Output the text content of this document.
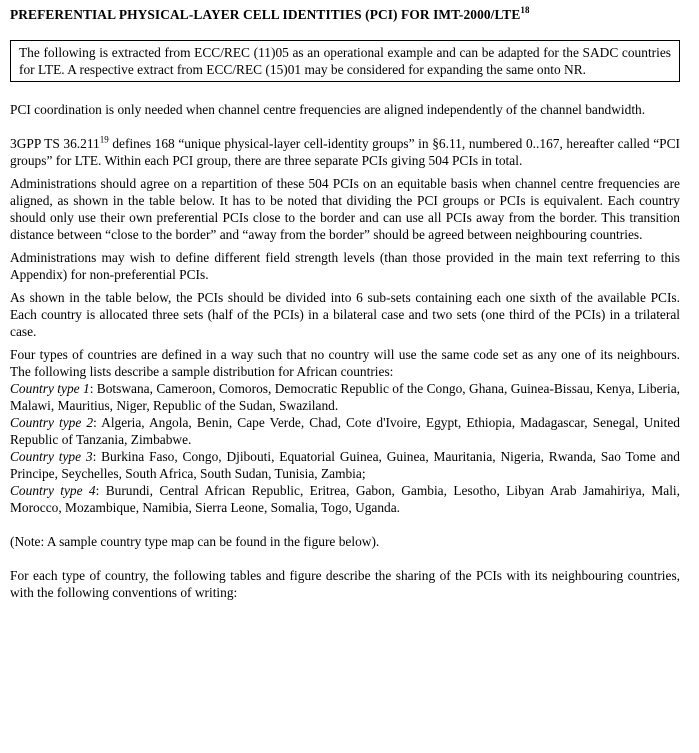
PREFERENTIAL PHYSICAL-LAYER CELL IDENTITIES (PCI) FOR IMT-2000/LTE$^{18}$

The following is extracted from ECC/REC (11)05 as an operational example and can be adapted for the SADC countries for LTE. A respective extract from ECC/REC (15)01 may be considered for expanding the same onto NR.

PCI coordination is only needed when channel centre frequencies are aligned independently of the channel bandwidth.

3GPP TS 36.211$^{19}$ defines 168 “unique physical-layer cell-identity groups” in §6.11, numbered 0..167, hereafter called “PCI groups” for LTE. Within each PCI group, there are three separate PCIs giving 504 PCIs in total.

Administrations should agree on a repartition of these 504 PCIs on an equitable basis when channel centre frequencies are aligned, as shown in the table below. It has to be noted that dividing the PCI groups or PCIs is equivalent. Each country should only use their own preferential PCIs close to the border and can use all PCIs away from the border. This transition distance between “close to the border” and “away from the border” should be agreed between neighbouring countries.

Administrations may wish to define different field strength levels (than those provided in the main text referring to this Appendix) for non-preferential PCIs.

As shown in the table below, the PCIs should be divided into 6 sub-sets containing each one sixth of the available PCIs. Each country is allocated three sets (half of the PCIs) in a bilateral case and two sets (one third of the PCIs) in a trilateral case.

Four types of countries are defined in a way such that no country will use the same code set as any one of its neighbours. The following lists describe a sample distribution for African countries:

Country type 1: Botswana, Cameroon, Comoros, Democratic Republic of the Congo, Ghana, Guinea-Bissau, Kenya, Liberia, Malawi, Mauritius, Niger, Republic of the Sudan, Swaziland.

Country type 2: Algeria, Angola, Benin, Cape Verde, Chad, Cote d'Ivoire, Egypt, Ethiopia, Madagascar, Senegal, United Republic of Tanzania, Zimbabwe.

Country type 3: Burkina Faso, Congo, Djibouti, Equatorial Guinea, Guinea, Mauritania, Nigeria, Rwanda, Sao Tome and Principe, Seychelles, South Africa, South Sudan, Tunisia, Zambia;

Country type 4: Burundi, Central African Republic, Eritrea, Gabon, Gambia, Lesotho, Libyan Arab Jamahiriya, Mali, Morocco, Mozambique, Namibia, Sierra Leone, Somalia, Togo, Uganda.

(Note: A sample country type map can be found in the figure below).

For each type of country, the following tables and figure describe the sharing of the PCIs with its neighbouring countries, with the following conventions of writing:
